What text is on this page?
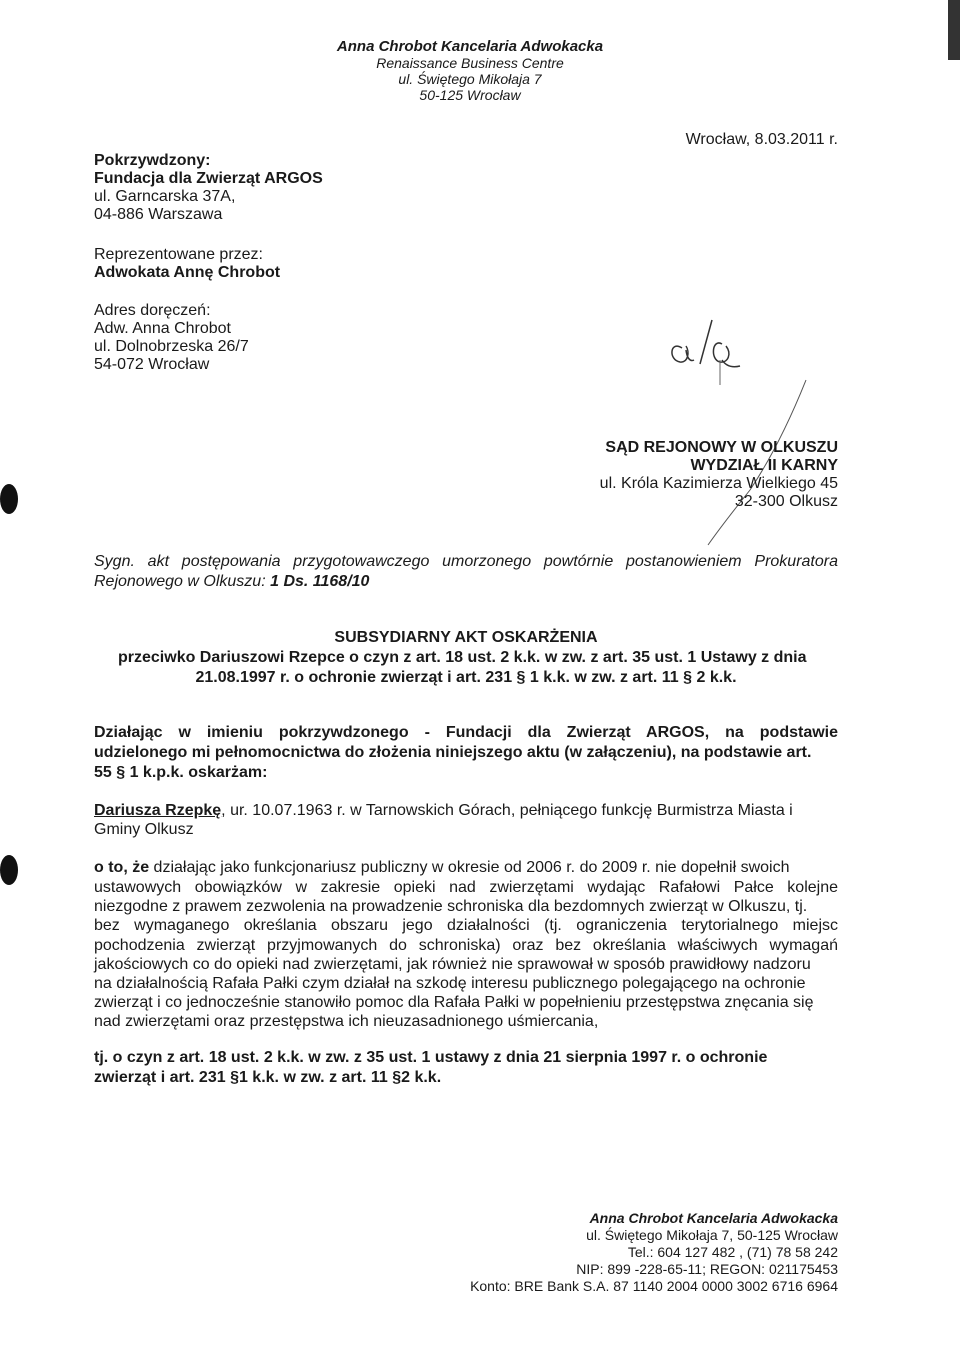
Anna Chrobot Kancelaria Adwokacka
Renaissance Business Centre
ul. Świętego Mikołaja 7
50-125 Wrocław
Wrocław, 8.03.2011 r.
Pokrzywdzony:
Fundacja dla Zwierząt ARGOS
ul. Garncarska 37A,
04-886 Warszawa
Reprezentowane przez:
Adwokata Annę Chrobot
Adres doręczeń:
Adw. Anna Chrobot
ul. Dolnobrzeska 26/7
54-072 Wrocław
SĄD REJONOWY W OLKUSZU
WYDZIAŁ II KARNY
ul. Króla Kazimierza Wielkiego 45
32-300 Olkusz
Sygn. akt postępowania przygotowawczego umorzonego powtórnie postanowieniem Prokuratora
Rejonowego w Olkuszu: 1 Ds. 1168/10
SUBSYDIARNY AKT OSKARŻENIA
przeciwko Dariuszowi Rzepce o czyn z art. 18 ust. 2 k.k. w zw. z art. 35 ust. 1 Ustawy z dnia
21.08.1997 r. o ochronie zwierząt i art. 231 § 1 k.k. w zw. z art. 11 § 2 k.k.
Działając w imieniu pokrzywdzonego - Fundacji dla Zwierząt ARGOS, na podstawie
udzielonego mi pełnomocnictwa do złożenia niniejszego aktu (w załączeniu), na podstawie art.
55 § 1 k.p.k. oskarżam:
Dariusza Rzepkę, ur. 10.07.1963 r. w Tarnowskich Górach, pełniącego funkcję Burmistrza Miasta i
Gminy Olkusz
o to, że działając jako funkcjonariusz publiczny w okresie od 2006 r. do 2009 r. nie dopełnił swoich
ustawowych obowiązków w zakresie opieki nad zwierzętami wydając Rafałowi Pałce kolejne
niezgodne z prawem zezwolenia na prowadzenie schroniska dla bezdomnych zwierząt w Olkuszu, tj.
bez wymaganego określania obszaru jego działalności (tj. ograniczenia terytorialnego miejsc
pochodzenia zwierząt przyjmowanych do schroniska) oraz bez określania właściwych wymagań
jakościowych co do opieki nad zwierzętami, jak również nie sprawował w sposób prawidłowy nadzoru
na działalnością Rafała Pałki czym działał na szkodę interesu publicznego polegającego na ochronie
zwierząt i co jednocześnie stanowiło pomoc dla Rafała Pałki w popełnieniu przestępstwa znęcania się
nad zwierzętami oraz przestępstwa ich nieuzasadnionego uśmiercania,
tj. o czyn z art. 18 ust. 2 k.k. w zw. z 35 ust. 1 ustawy z dnia 21 sierpnia 1997 r. o ochronie
zwierząt i art. 231 §1 k.k. w zw. z art. 11 §2 k.k.
Anna Chrobot Kancelaria Adwokacka
ul. Świętego Mikołaja 7, 50-125 Wrocław
Tel.: 604 127 482 , (71) 78 58 242
NIP: 899 -228-65-11; REGON: 021175453
Konto: BRE Bank S.A. 87 1140 2004 0000 3002 6716 6964
